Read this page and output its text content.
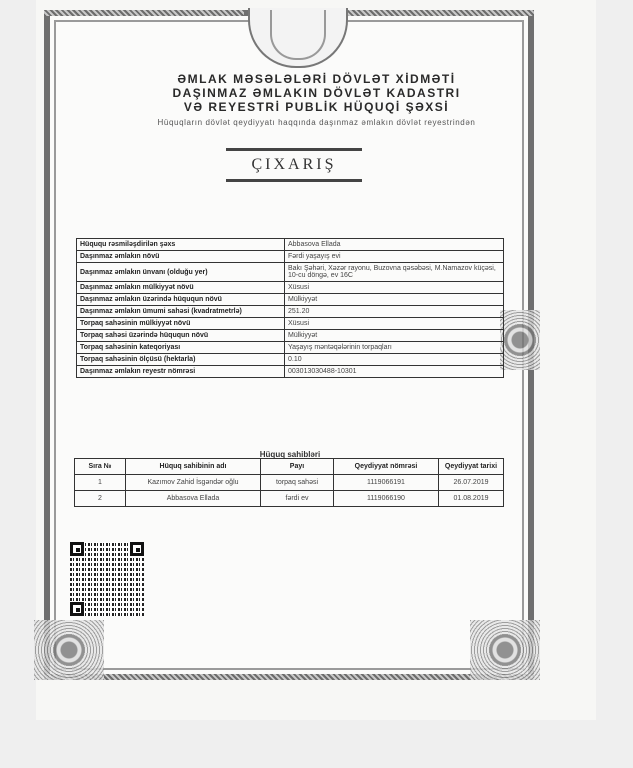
ƏMLAK MƏSƏLƏLƏRİ DÖVLƏT XİDMƏTİ
DAŞINMAZ ƏMLAKIN DÖVLƏT KADASTRI
VƏ REYESTRİ PUBLİK HÜQUQİ ŞƏXSİ
Hüquqların dövlət qeydiyyatı haqqında daşınmaz əmlakın dövlət reyestrindən
ÇIXARIŞ
Hüququ rəsmiləşdirilən şəxs	Abbasova Ellada
Daşınmaz əmlakın növü	Fərdi yaşayış evi
Daşınmaz əmlakın ünvanı (olduğu yer)	Bakı Şəhəri, Xəzər rayonu, Buzovna qəsəbəsi, M.Namazov küçəsi, 10-cu döngə, ev 16C
Daşınmaz əmlakın mülkiyyət növü	Xüsusi
Daşınmaz əmlakın üzərində hüququn növü	Mülkiyyət
Daşınmaz əmlakın ümumi sahəsi (kvadratmetrlə)	251.20
Torpaq sahəsinin mülkiyyət növü	Xüsusi
Torpaq sahəsi üzərində hüququn növü	Mülkiyyət
Torpaq sahəsinin kateqoriyası	Yaşayış məntəqələrinin torpaqları
Torpaq sahəsinin ölçüsü (hektarla)	0.10
Daşınmaz əmlakın reyestr nömrəsi	003013030488-10301
Hüquq sahibləri
Sıra №	Hüquq sahibinin adı	Payı	Qeydiyyat nömrəsi	Qeydiyyat tarixi
1	Kazımov Zahid İsgəndər oğlu	torpaq sahəsi	1119066191	26.07.2019
2	Abbasova Ellada	fərdi ev	1119066190	01.08.2019
